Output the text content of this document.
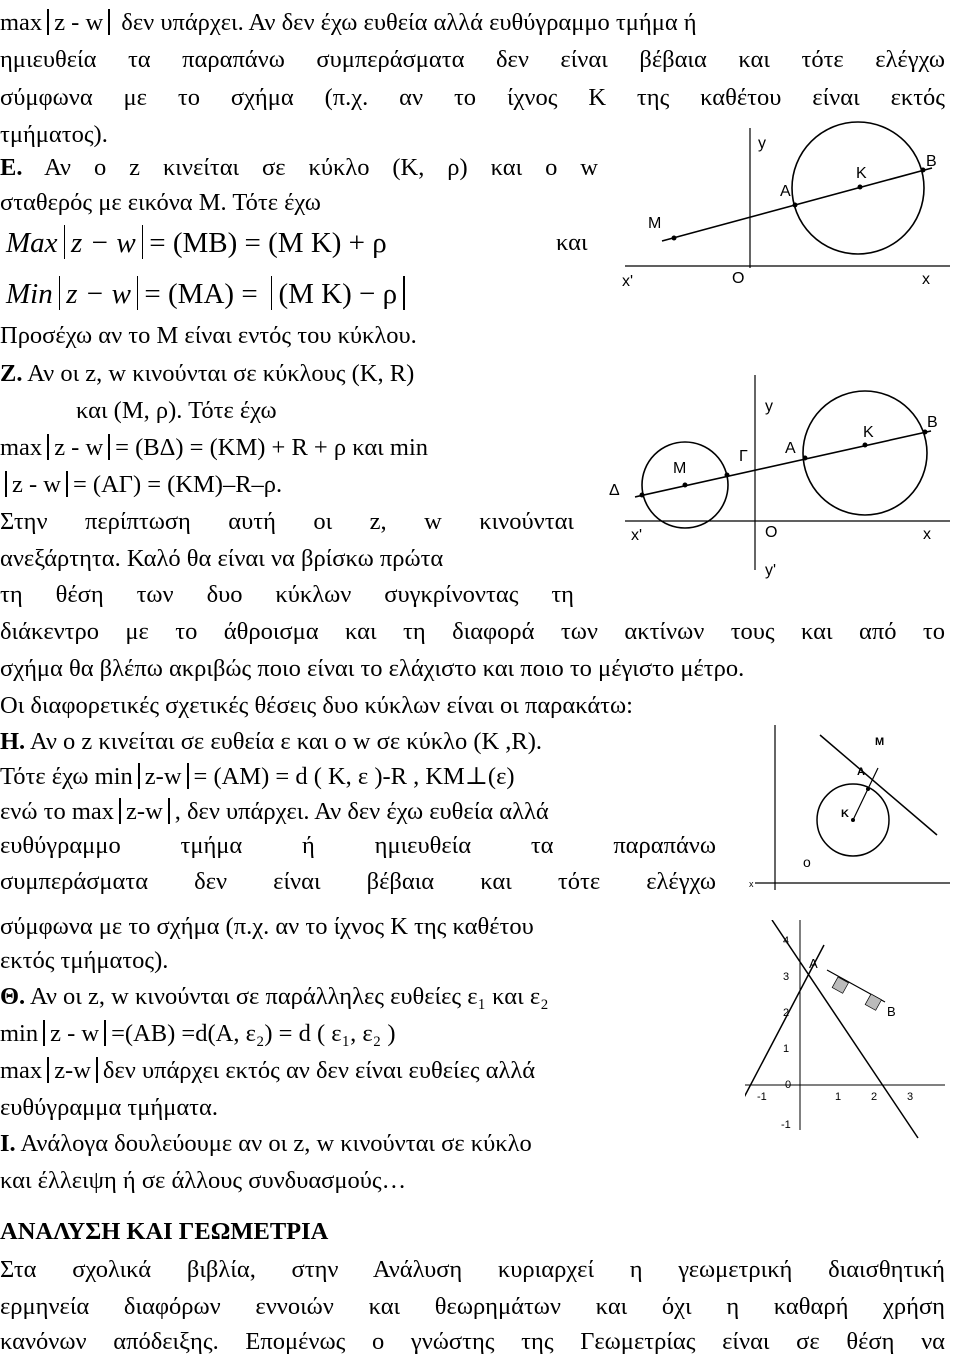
max z - w δεν υπάρχει. Αν δεν έχω ευθεία αλλά ευθύγραμμο τμήμα ή
ημιευθεία τα παραπάνω συμπεράσματα δεν είναι βέβαια και τότε ελέγχω
σύμφωνα με το σχήμα (π.χ. αν το ίχνος Κ της καθέτου είναι εκτός
τμήματος).
Ε. Αν ο z κινείται σε κύκλο (Κ, ρ) και ο w
σταθερός με εικόνα Μ. Τότε έχω
Max z − w = (MB) = (M K) + ρ	και
Min z − w = (MA) = (M K) − ρ
Προσέχω αν το Μ είναι εντός του κύκλου.
y
K
B
A
M
x'	O	x
Ζ. Αν οι z, w κινούνται σε κύκλους (Κ, R)
και (Μ, ρ). Τότε έχω
max z - w = (ΒΔ) = (ΚΜ) + R + ρ και min
z - w = (ΑΓ) = (ΚΜ)–R–ρ.
Στην περίπτωση αυτή οι z, w κινούνται
ανεξάρτητα. Καλό θα είναι να βρίσκω πρώτα
τη θέση των δυο κύκλων συγκρίνοντας τη
διάκεντρο με το άθροισμα και τη διαφορά των ακτίνων τους και από το
σχήμα θα βλέπω ακριβώς ποιο είναι το ελάχιστο και ποιο το μέγιστο μέτρο.
Οι διαφορετικές σχετικές θέσεις δυο κύκλων είναι οι παρακάτω:
y
K
B
A
Γ
M
Δ
x'	O	x
y'
Η. Αν ο z κινείται σε ευθεία ε και ο w σε κύκλο (Κ ,R).
Τότε έχω min z-w = (ΑΜ) = d ( Κ, ε )-R , ΚΜ⊥(ε)
ενώ το max z-w , δεν υπάρχει. Αν δεν έχω ευθεία αλλά
ευθύγραμμο τμήμα ή ημιευθεία τα παραπάνω
συμπεράσματα δεν είναι βέβαια και τότε ελέγχω
σύμφωνα με το σχήμα (π.χ. αν το ίχνος Κ της καθέτου
εκτός τμήματος).
M
A
K
o
x
Θ. Αν οι z, w κινούνται σε παράλληλες ευθείες ε₁ και ε₂
min z - w =(ΑΒ) =d(Α, ε₂) = d ( ε₁, ε₂ )
max z-w δεν υπάρχει εκτός αν δεν είναι ευθείες αλλά
ευθύγραμμα τμήματα.
4
3
2
1
0
-1
-1	1	2	3
A
B
Ι. Ανάλογα δουλεύουμε αν οι z, w κινούνται σε κύκλο
και έλλειψη ή σε άλλους συνδυασμούς…
ΑΝΑΛΥΣΗ ΚΑΙ ΓΕΩΜΕΤΡΙΑ
Στα σχολικά βιβλία, στην Ανάλυση κυριαρχεί η γεωμετρική διαισθητική
ερμηνεία διαφόρων εννοιών και θεωρημάτων και όχι η καθαρή χρήση
κανόνων απόδειξης. Επομένως ο γνώστης της Γεωμετρίας είναι σε θέση να
